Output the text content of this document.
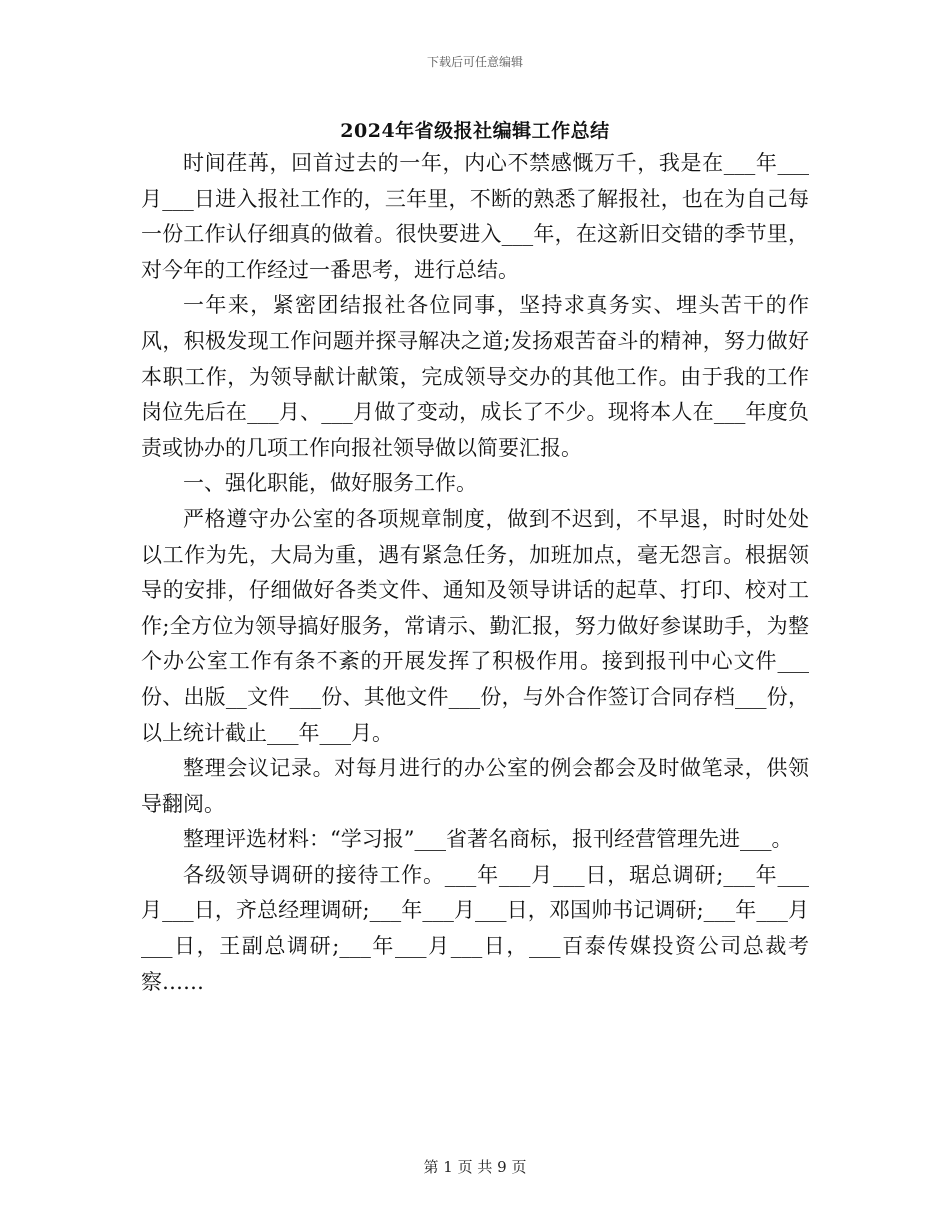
下载后可任意编辑
2024年省级报社编辑工作总结

时间荏苒，回首过去的一年，内心不禁感慨万千，我是在___年___月___日进入报社工作的，三年里，不断的熟悉了解报社，也在为自己每一份工作认仔细真的做着。很快要进入___年，在这新旧交错的季节里，对今年的工作经过一番思考，进行总结。

一年来，紧密团结报社各位同事，坚持求真务实、埋头苦干的作风，积极发现工作问题并探寻解决之道;发扬艰苦奋斗的精神，努力做好本职工作，为领导献计献策，完成领导交办的其他工作。由于我的工作岗位先后在___月、___月做了变动，成长了不少。现将本人在___年度负责或协办的几项工作向报社领导做以简要汇报。

一、强化职能，做好服务工作。

严格遵守办公室的各项规章制度，做到不迟到，不早退，时时处处以工作为先，大局为重，遇有紧急任务，加班加点，毫无怨言。根据领导的安排，仔细做好各类文件、通知及领导讲话的起草、打印、校对工作;全方位为领导搞好服务，常请示、勤汇报，努力做好参谋助手，为整个办公室工作有条不紊的开展发挥了积极作用。接到报刊中心文件___份、出版__文件___份、其他文件___份，与外合作签订合同存档___份，以上统计截止___年___月。

整理会议记录。对每月进行的办公室的例会都会及时做笔录，供领导翻阅。

整理评选材料：“学习报”___省著名商标，报刊经营管理先进___。

各级领导调研的接待工作。___年___月___日，琚总调研;___年___月___日，齐总经理调研;___年___月___日，邓国帅书记调研;___年___月___日，王副总调研;___年___月___日，___百泰传媒投资公司总裁考察……

第 1 页 共 9 页
